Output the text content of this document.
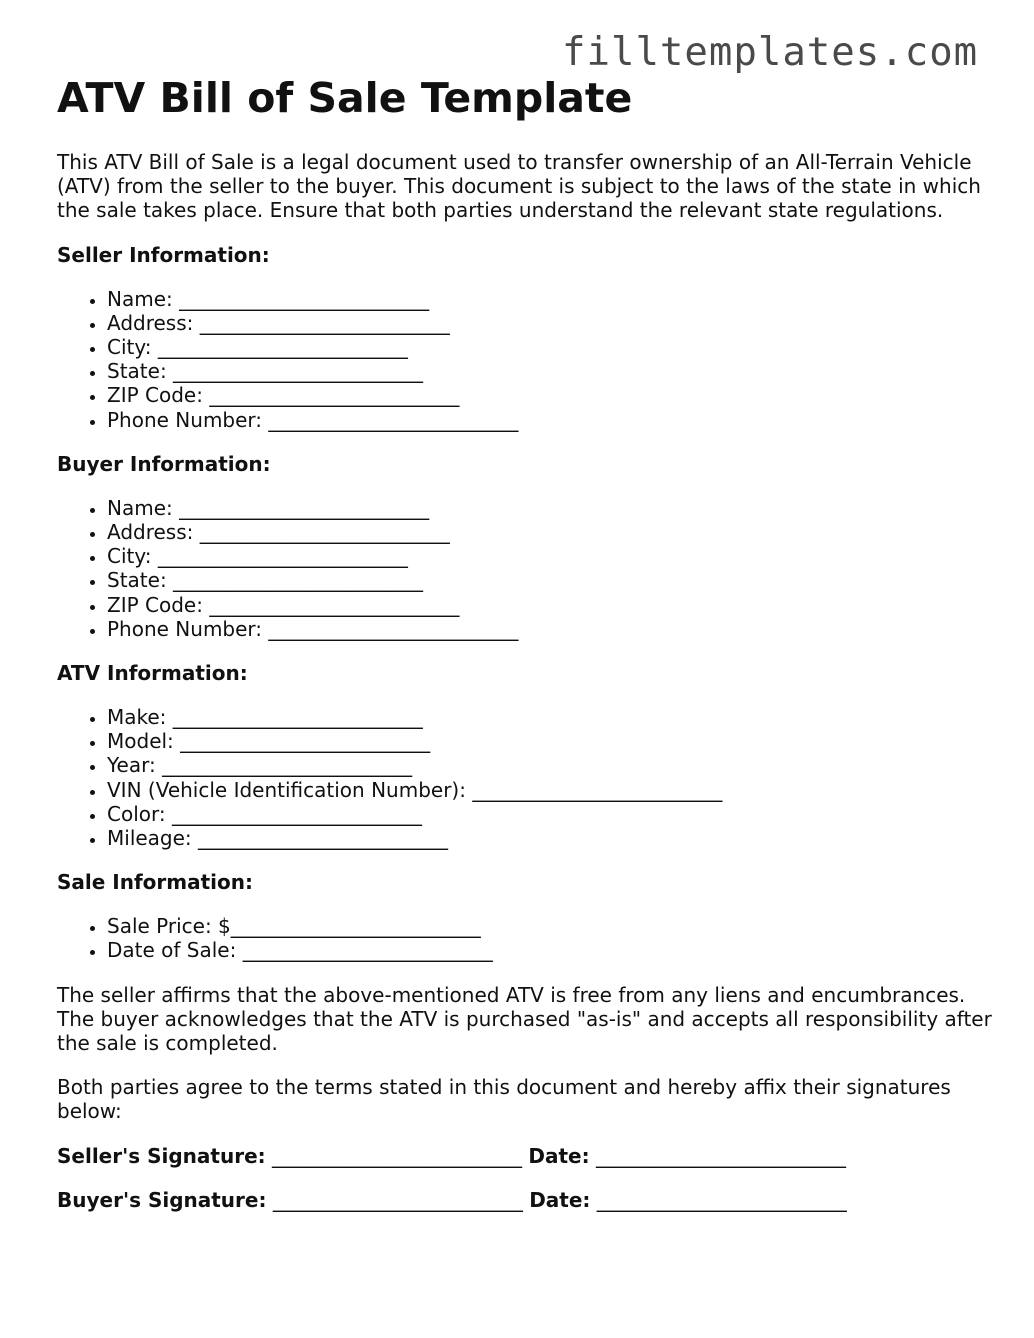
filltemplates.com
ATV Bill of Sale Template

This ATV Bill of Sale is a legal document used to transfer ownership of an All-Terrain Vehicle (ATV) from the seller to the buyer. This document is subject to the laws of the state in which the sale takes place. Ensure that both parties understand the relevant state regulations.

Seller Information:
• Name: _________________________
• Address: _________________________
• City: _________________________
• State: _________________________
• ZIP Code: _________________________
• Phone Number: _________________________
Buyer Information:
• Name: _________________________
• Address: _________________________
• City: _________________________
• State: _________________________
• ZIP Code: _________________________
• Phone Number: _________________________
ATV Information:
• Make: _________________________
• Model: _________________________
• Year: _________________________
• VIN (Vehicle Identification Number): _________________________
• Color: _________________________
• Mileage: _________________________
Sale Information:
• Sale Price: $_________________________
• Date of Sale: _________________________

The seller affirms that the above-mentioned ATV is free from any liens and encumbrances. The buyer acknowledges that the ATV is purchased "as-is" and accepts all responsibility after the sale is completed.

Both parties agree to the terms stated in this document and hereby affix their signatures below:

Seller's Signature: _________________________ Date: _________________________
Buyer's Signature: _________________________ Date: _________________________
